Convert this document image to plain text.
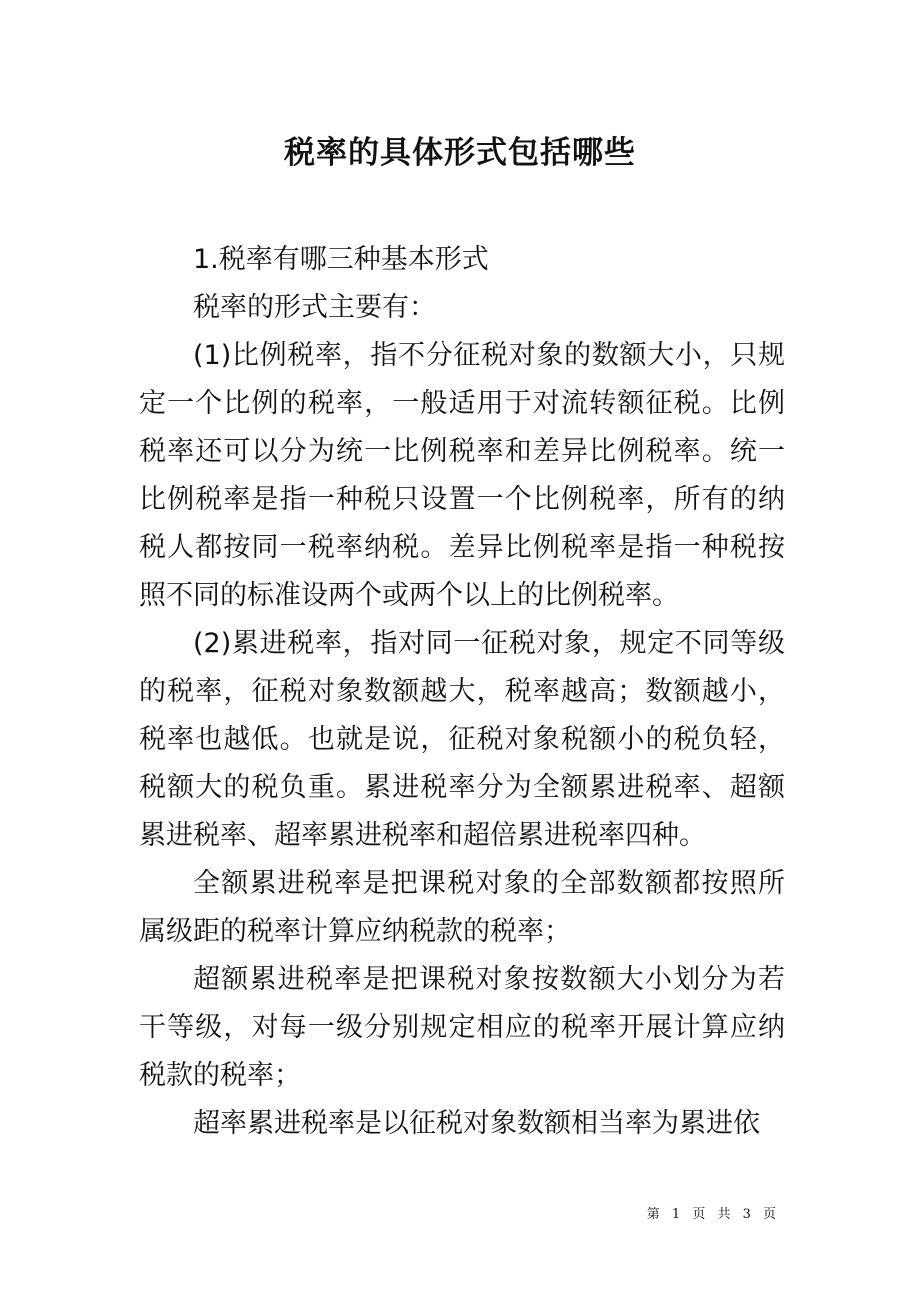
税率的具体形式包括哪些

1.税率有哪三种基本形式

税率的形式主要有：

(1)比例税率，指不分征税对象的数额大小，只规定一个比例的税率，一般适用于对流转额征税。比例税率还可以分为统一比例税率和差异比例税率。统一比例税率是指一种税只设置一个比例税率，所有的纳税人都按同一税率纳税。差异比例税率是指一种税按照不同的标准设两个或两个以上的比例税率。

(2)累进税率，指对同一征税对象，规定不同等级的税率，征税对象数额越大，税率越高；数额越小，税率也越低。也就是说，征税对象税额小的税负轻，税额大的税负重。累进税率分为全额累进税率、超额累进税率、超率累进税率和超倍累进税率四种。

全额累进税率是把课税对象的全部数额都按照所属级距的税率计算应纳税款的税率；

超额累进税率是把课税对象按数额大小划分为若干等级，对每一级分别规定相应的税率开展计算应纳税款的税率；

超率累进税率是以征税对象数额相当率为累进依

第 1 页 共 3 页
